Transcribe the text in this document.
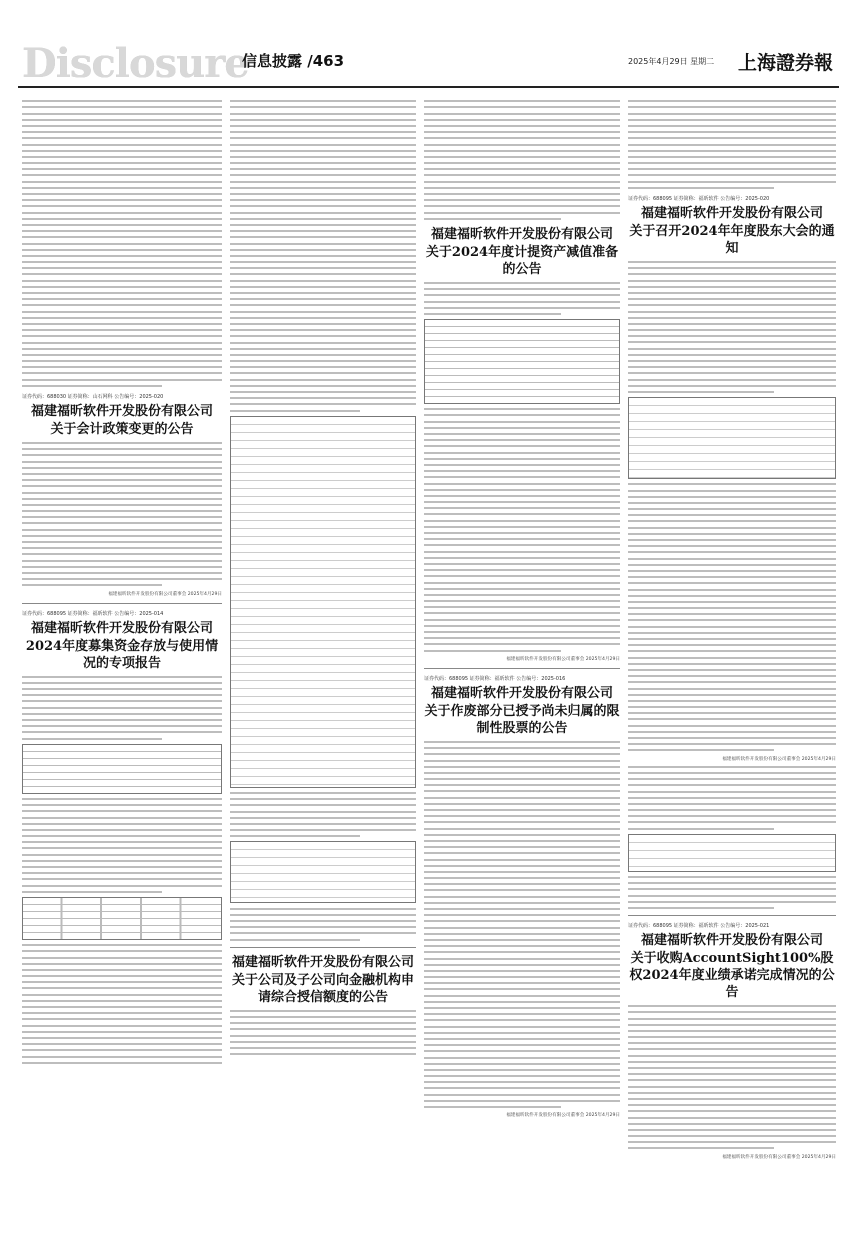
Disclosure
信息披露 /463	2025年4月29日 星期二 上海證券報
证券代码：688030 证券简称：山石网科 公告编号：2025-020
福建福昕软件开发股份有限公司
关于会计政策变更的公告
福建福昕软件开发股份有限公司董事会 2025年4月29日
证券代码：688095 证券简称：福昕软件 公告编号：2025-014
福建福昕软件开发股份有限公司
2024年度募集资金存放与使用情况的专项报告
福建福昕软件开发股份有限公司
关于公司及子公司向金融机构申请综合授信额度的公告
福建福昕软件开发股份有限公司
关于2024年度计提资产减值准备的公告
福建福昕软件开发股份有限公司董事会 2025年4月29日
证券代码：688095 证券简称：福昕软件 公告编号：2025-016
福建福昕软件开发股份有限公司
关于作废部分已授予尚未归属的限制性股票的公告
福建福昕软件开发股份有限公司董事会 2025年4月29日
证券代码：688095 证券简称：福昕软件 公告编号：2025-020
福建福昕软件开发股份有限公司
关于召开2024年年度股东大会的通知
福建福昕软件开发股份有限公司董事会 2025年4月29日
证券代码：688095 证券简称：福昕软件 公告编号：2025-021
福建福昕软件开发股份有限公司
关于收购AccountSight100%股权2024年度业绩承诺完成情况的公告
福建福昕软件开发股份有限公司董事会 2025年4月29日
